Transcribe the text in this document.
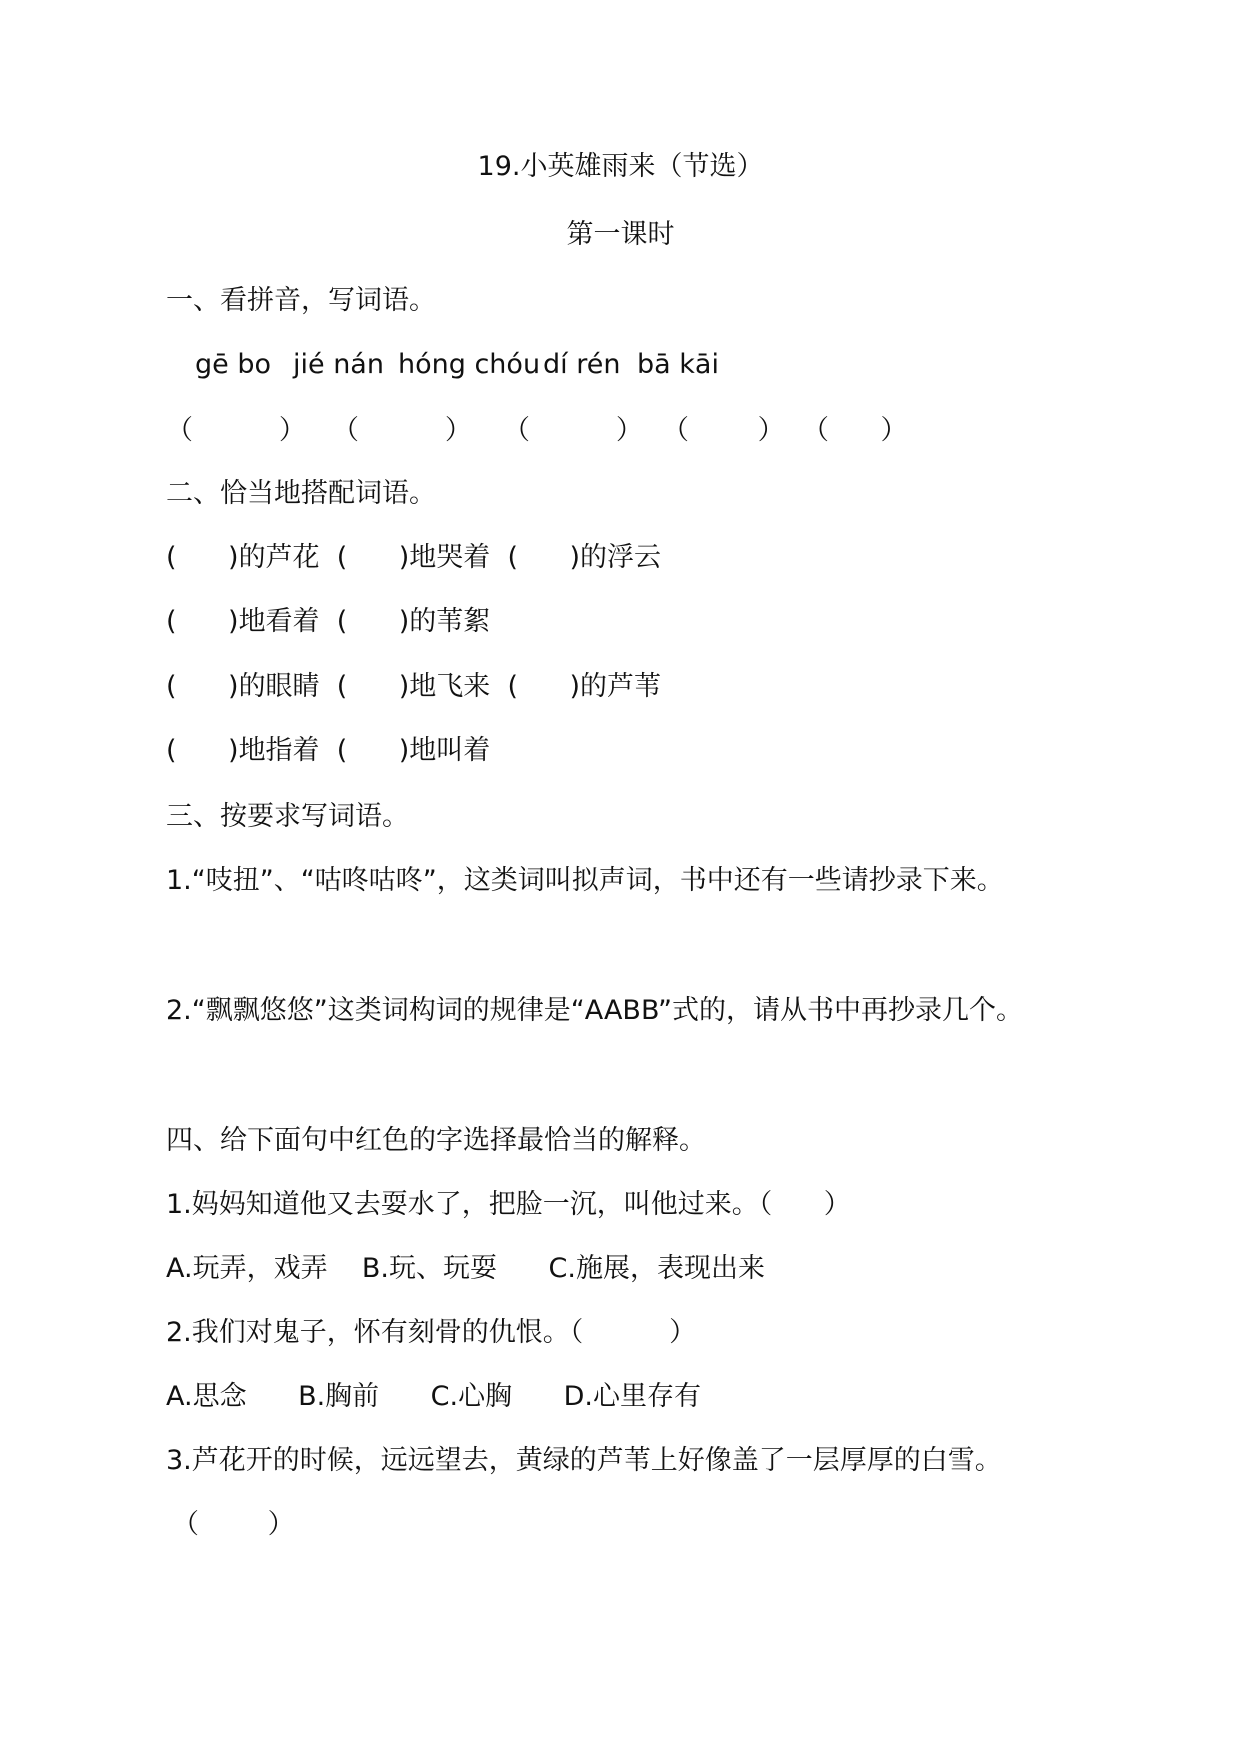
19.小英雄雨来（节选）
第一课时
一、看拼音，写词语。

gē bo

jié nán

hóng chóu

dí rén

bā kāi

（          ）

（          ）

（          ）

（        ）

（      ）

二、恰当地搭配词语。
(      )的芦花  (      )地哭着  (      )的浮云
(      )地看着  (      )的苇絮
(      )的眼睛  (      )地飞来  (      )的芦苇
(      )地指着  (      )地叫着
三、按要求写词语。
1.“吱扭”、“咕咚咕咚”，这类词叫拟声词，书中还有一些请抄录下来。
2.“飘飘悠悠”这类词构词的规律是“AABB”式的，请从书中再抄录几个。
四、给下面句中红色的字选择最恰当的解释。
1.妈妈知道他又去耍水了，把脸一沉，叫他过来。（      ）
A.玩弄，戏弄    B.玩、玩耍      C.施展，表现出来
2.我们对鬼子，怀有刻骨的仇恨。（          ）
A.思念      B.胸前      C.心胸      D.心里存有
3.芦花开的时候，远远望去，黄绿的芦苇上好像盖了一层厚厚的白雪。
（        ）
